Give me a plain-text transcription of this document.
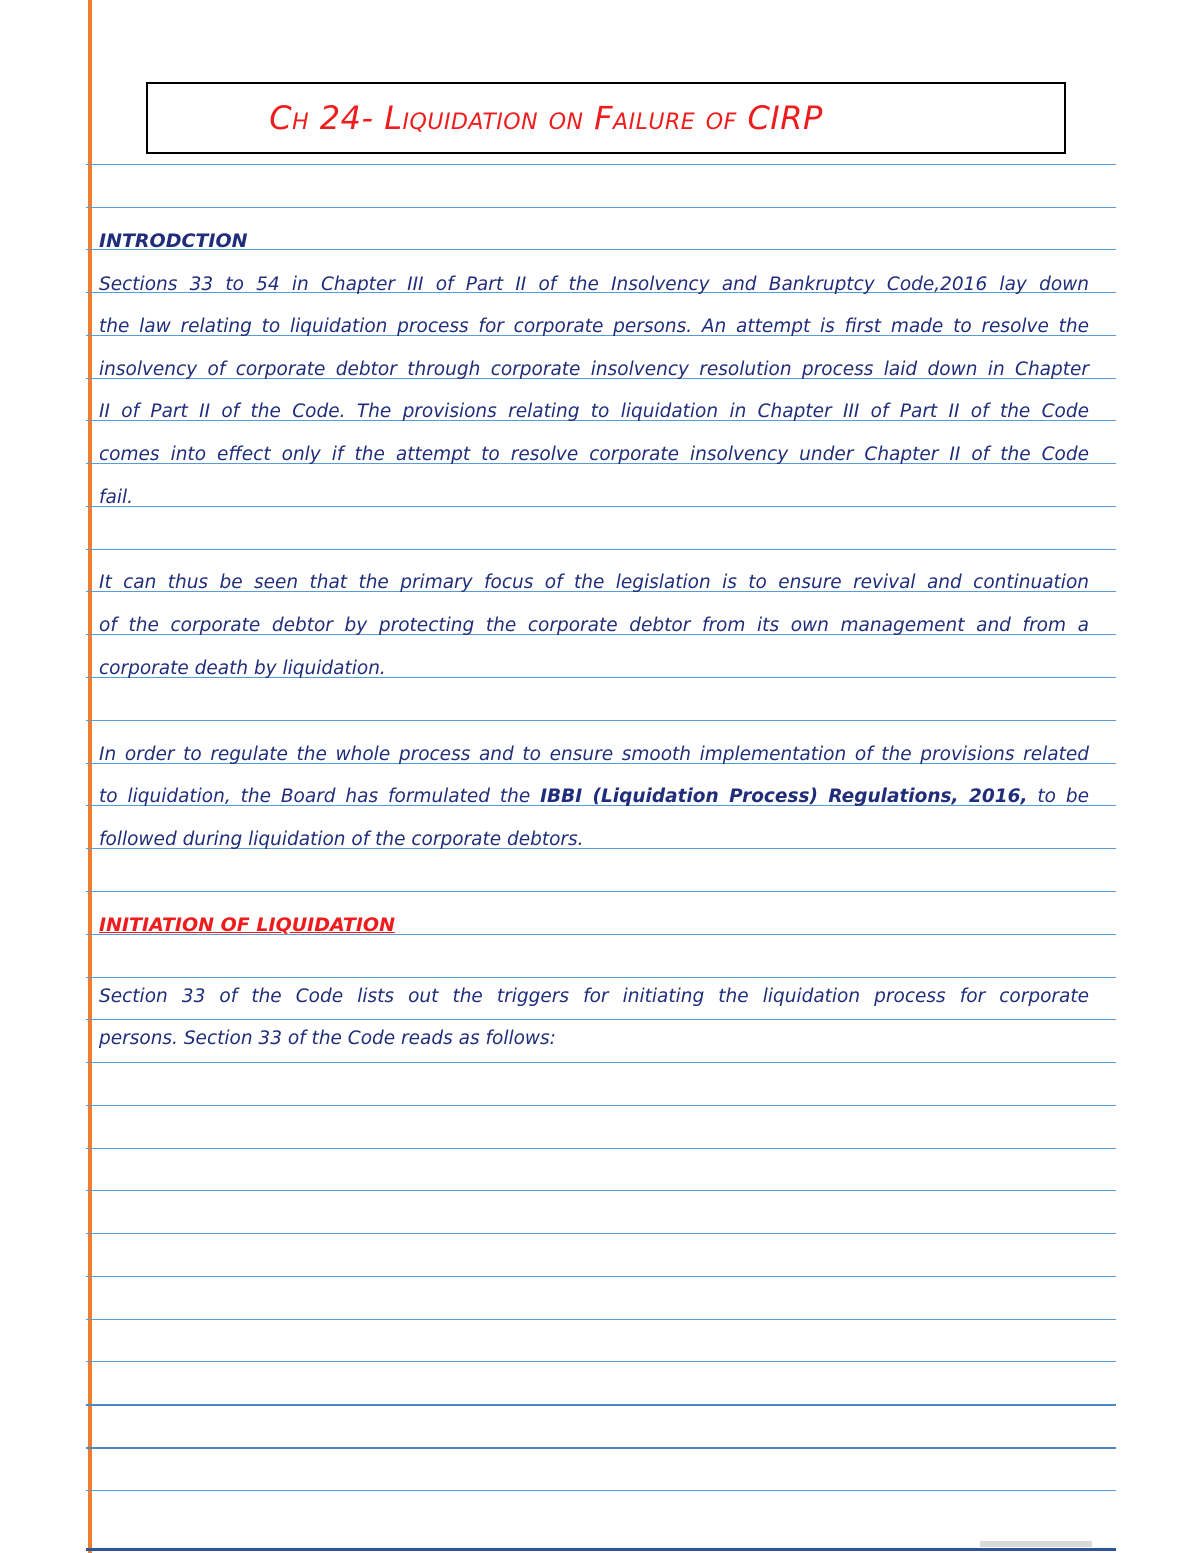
Ch 24- Liquidation on Failure of CIRP
INTRODCTION
Sections 33 to 54 in Chapter III of Part II of the Insolvency and Bankruptcy Code,2016 lay down
the law relating to liquidation process for corporate persons. An attempt is first made to resolve the
insolvency of corporate debtor through corporate insolvency resolution process laid down in Chapter
II of Part II of the Code. The provisions relating to liquidation in Chapter III of Part II of the Code
comes into effect only if the attempt to resolve corporate insolvency under Chapter II of the Code
fail.
It can thus be seen that the primary focus of the legislation is to ensure revival and continuation
of the corporate debtor by protecting the corporate debtor from its own management and from a
corporate death by liquidation.
In order to regulate the whole process and to ensure smooth implementation of the provisions related
to liquidation, the Board has formulated the IBBI (Liquidation Process) Regulations, 2016, to be
followed during liquidation of the corporate debtors.
INITIATION OF LIQUIDATION
Section 33 of the Code lists out the triggers for initiating the liquidation process for corporate
persons. Section 33 of the Code reads as follows:
